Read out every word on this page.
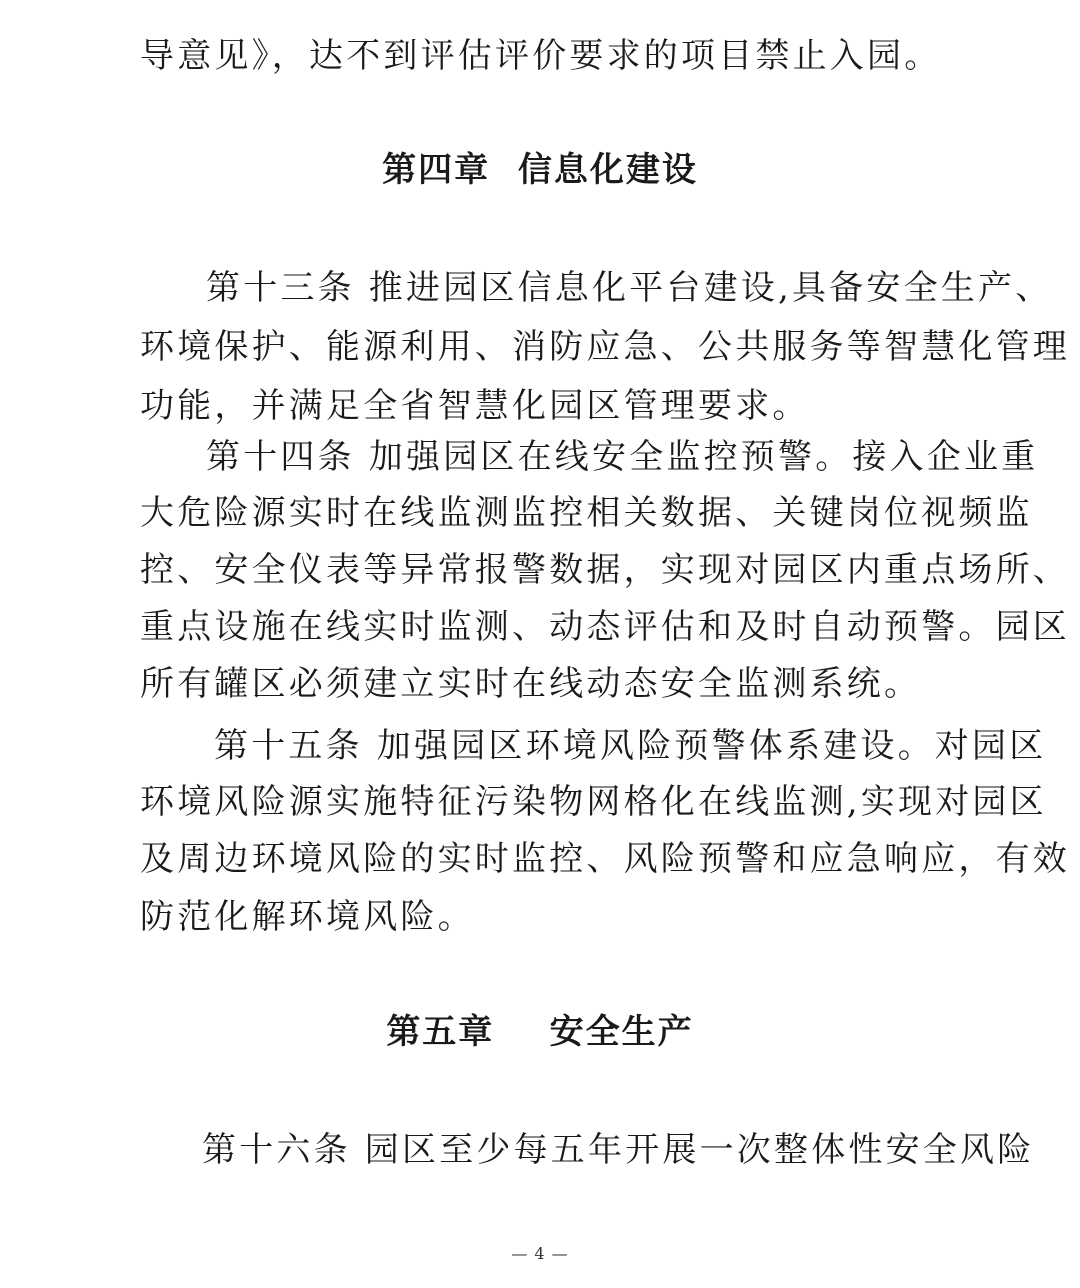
导意见》，达不到评估评价要求的项目禁止入园。
第四章  信息化建设
第十三条 推进园区信息化平台建设,具备安全生产、
环境保护、能源利用、消防应急、公共服务等智慧化管理
功能，并满足全省智慧化园区管理要求。
第十四条 加强园区在线安全监控预警。接入企业重
大危险源实时在线监测监控相关数据、关键岗位视频监
控、安全仪表等异常报警数据，实现对园区内重点场所、
重点设施在线实时监测、动态评估和及时自动预警。园区
所有罐区必须建立实时在线动态安全监测系统。
第十五条 加强园区环境风险预警体系建设。对园区
环境风险源实施特征污染物网格化在线监测,实现对园区
及周边环境风险的实时监控、风险预警和应急响应，有效
防范化解环境风险。
第五章    安全生产
第十六条 园区至少每五年开展一次整体性安全风险
— 4 —
